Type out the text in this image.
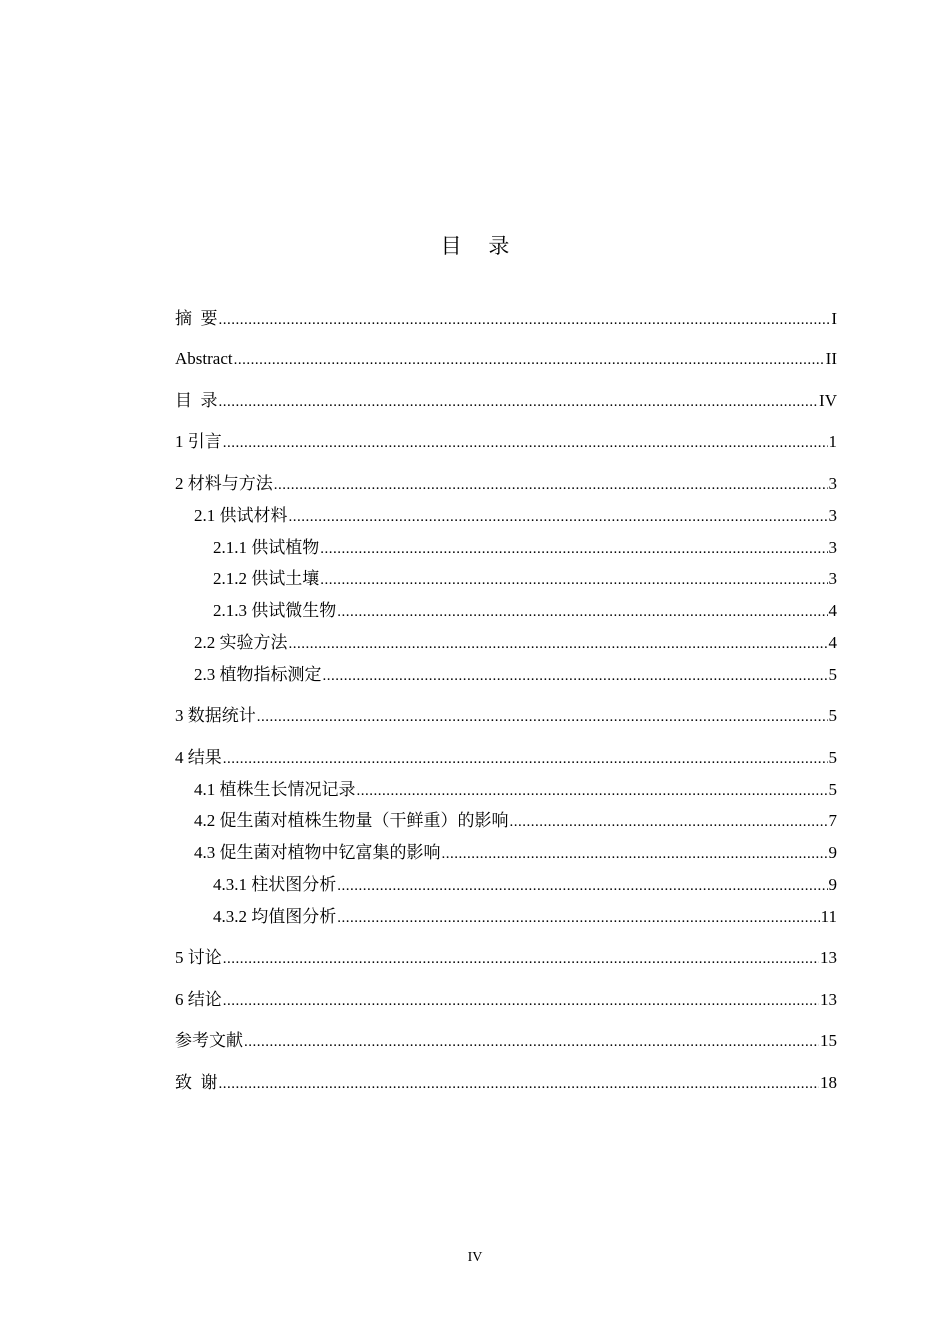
目 录
摘  要 .....	I
Abstract .....	II
目  录 .....	IV
1 引言 .....	1
2 材料与方法 .....	3
2.1 供试材料 .....	3
2.1.1 供试植物 .....	3
2.1.2 供试土壤 .....	3
2.1.3 供试微生物 .....	4
2.2 实验方法 .....	4
2.3 植物指标测定 .....	5
3 数据统计 .....	5
4 结果 .....	5
4.1 植株生长情况记录 .....	5
4.2 促生菌对植株生物量（干鲜重）的影响 .....	7
4.3 促生菌对植物中钇富集的影响 .....	9
4.3.1 柱状图分析 .....	9
4.3.2 均值图分析 .....	11
5 讨论 .....	13
6 结论 .....	13
参考文献 .....	15
致  谢 .....	18
IV
